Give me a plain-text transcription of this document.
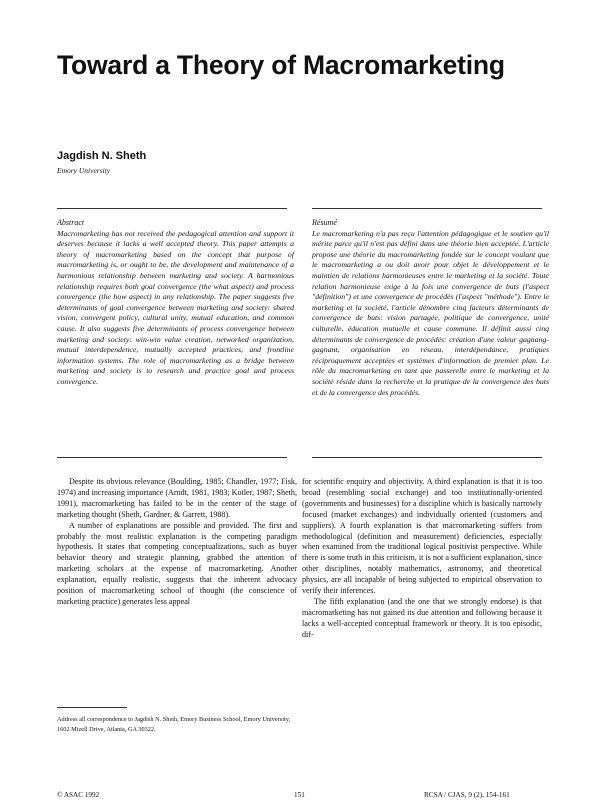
Toward a Theory of Macromarketing
Jagdish N. Sheth
Emory University
Abstract

Macromarketing has not received the pedagogical attention and support it deserves because it lacks a well accepted theory. This paper attempts a theory of macromarketing based on the concept that purpose of macromarketing is, or ought to be, the development and maintenance of a harmonious relationship between marketing and society. A harmonious relationship requires both goal convergence (the what aspect) and process convergence (the how aspect) in any relationship. The paper suggests five determinants of goal convergence between marketing and society: shared vision, convergent policy, cultural unity, mutual education, and common cause. It also suggests five determinants of process convergence between marketing and society: win-win value creation, networked organization, mutual interdependence, mutually accepted practices, and frontline information systems. The role of macromarketing as a bridge between marketing and society is to research and practice goal and process convergence.

Résumé

Le macromarketing n'a pas reçu l'attention pédagogique et le soutien qu'il mérite parce qu'il n'est pas défini dans une théorie bien acceptée. L'article propose une théorie du macromarketing fondée sur le concept voulant que le macromarketing a ou doit avoir pour objet le développement et le maintien de relations harmonieuses entre le marketing et la société. Toute relation harmonieuse exige à la fois une convergence de buts (l'aspect "définition") et une convergence de procédés (l'aspect "méthode"). Entre le marketing et la société, l'article dénombre cinq facteurs déterminants de convergence de buts: vision partagée, politique de convergence, unité culturelle, éducation mutuelle et cause commune. Il définit aussi cinq déterminants de convergence de procédés: création d'une valeur gagnang-gagnant, organisation en réseau, interdépendance, pratiques réciproquement acceptées et systèmes d'information de premier plan. Le rôle du macromarketing en tant que passerelle entre le marketing et la société réside dans la recherche et la pratique de la convergence des buts et de la convergence des procédés.

Despite its obvious relevance (Boulding, 1985; Chandler, 1977; Fisk, 1974) and increasing importance (Arndt, 1981, 1983; Kotler, 1987; Sheth, 1991), macromarketing has failed to be in the center of the stage of marketing thought (Sheth, Gardner, & Garrett, 1988).

A number of explanations are possible and provided. The first and probably the most realistic explanation is the competing paradigm hypothesis. It states that competing conceptualizations, such as buyer behavior theory and strategic planning, grabbed the attention of marketing scholars at the expense of macromarketing. Another explanation, equally realistic, suggests that the inherent advocacy position of macromarketing school of thought (the conscience of marketing practice) generates less appeal

for scientific enquiry and objectivity. A third explanation is that it is too broad (resembling social exchange) and too institutionally-oriented (governments and businesses) for a discipline which is basically narrowly focused (market exchanges) and individually oriented (customers and suppliers). A fourth explanation is that macromarketing suffers from methodological (definition and measurement) deficiencies, especially when examined from the traditional logical positivist perspective. While there is some truth in this criticism, it is not a sufficient explanation, since other disciplines, notably mathematics, astronomy, and theoretical physics, are all incapable of being subjected to empirical observation to verify their inferences.

The fifth explanation (and the one that we strongly endorse) is that macromarketing has not gained its due attention and following because it lacks a well-accepted conceptual framework or theory. It is too episodic, dif-

Address all correspondence to Jagdish N. Sheth, Emory Business School, Emory University, 1602 Mizell Drive, Atlanta, GA 30322.
© ASAC 1992	151	RCSA / CJAS, 9 (2), 154-161
